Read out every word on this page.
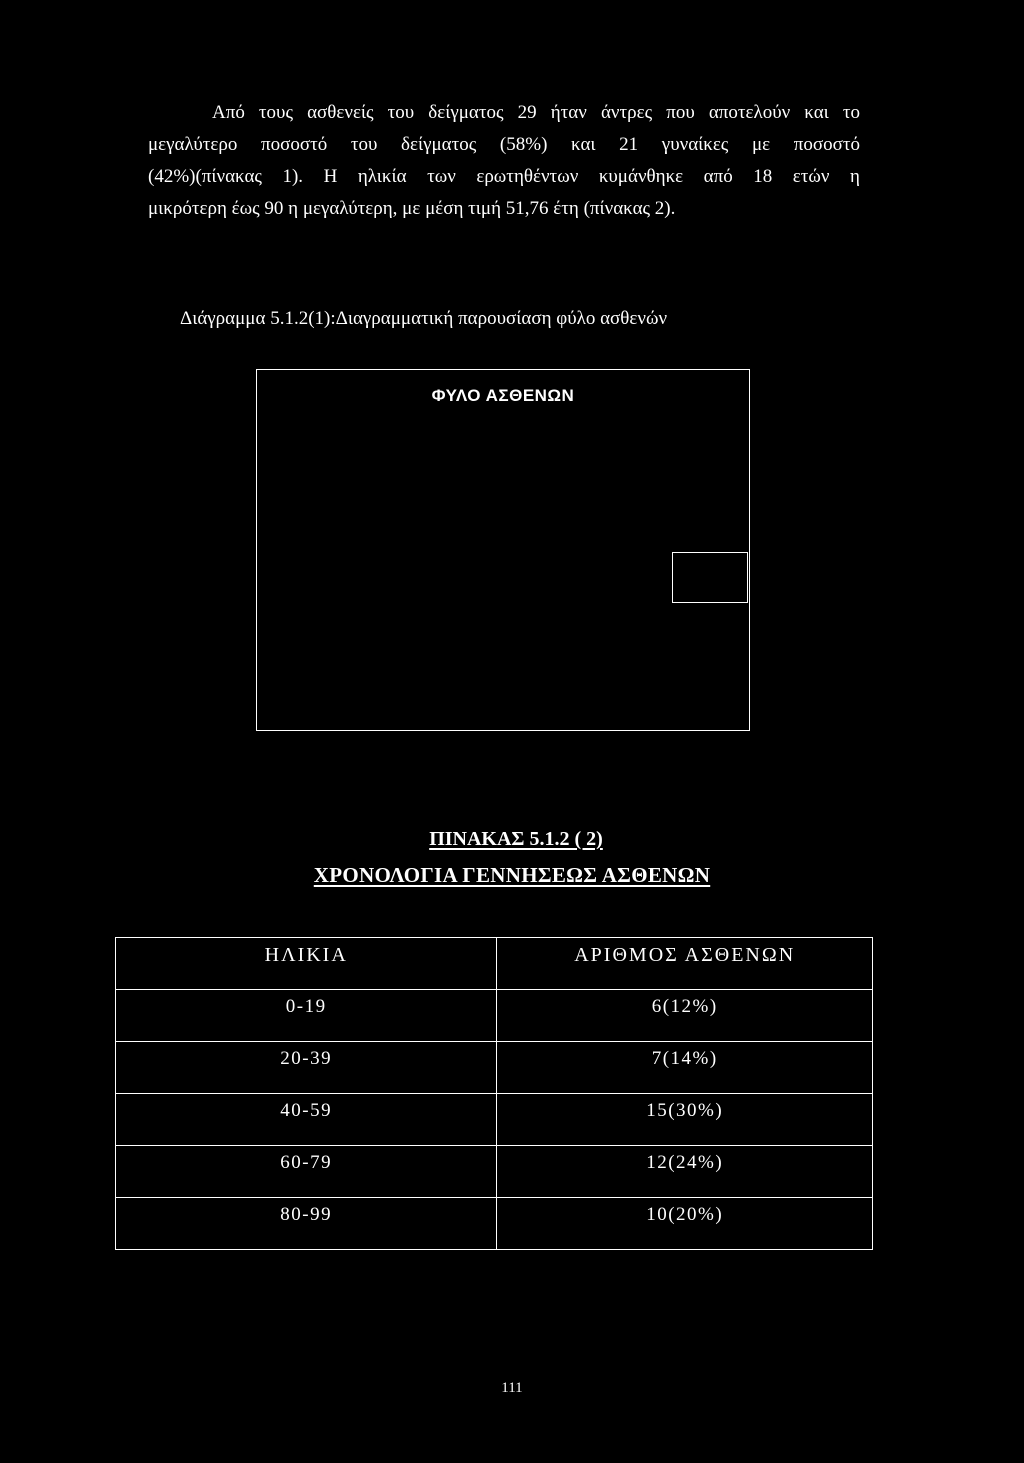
Από τους ασθενείς του δείγματος 29 ήταν άντρες που αποτελούν και το
μεγαλύτερο ποσοστό του δείγματος (58%) και 21 γυναίκες με ποσοστό
(42%)(πίνακας 1). Η ηλικία των ερωτηθέντων κυμάνθηκε από 18 ετών η
μικρότερη έως 90 η μεγαλύτερη, με μέση τιμή 51,76 έτη (πίνακας 2).
Διάγραμμα 5.1.2(1):Διαγραμματική παρουσίαση φύλο ασθενών
ΦΥΛΟ ΑΣΘΕΝΩΝ
ΠΙΝΑΚΑΣ 5.1.2 ( 2)
ΧΡΟΝΟΛΟΓΙΑ ΓΕΝΝΗΣΕΩΣ ΑΣΘΕΝΩΝ
ΗΛΙΚΙΑ	ΑΡΙΘΜΟΣ ΑΣΘΕΝΩΝ

0-19	6(12%)

20-39	7(14%)

40-59	15(30%)

60-79	12(24%)

80-99	10(20%)
111
